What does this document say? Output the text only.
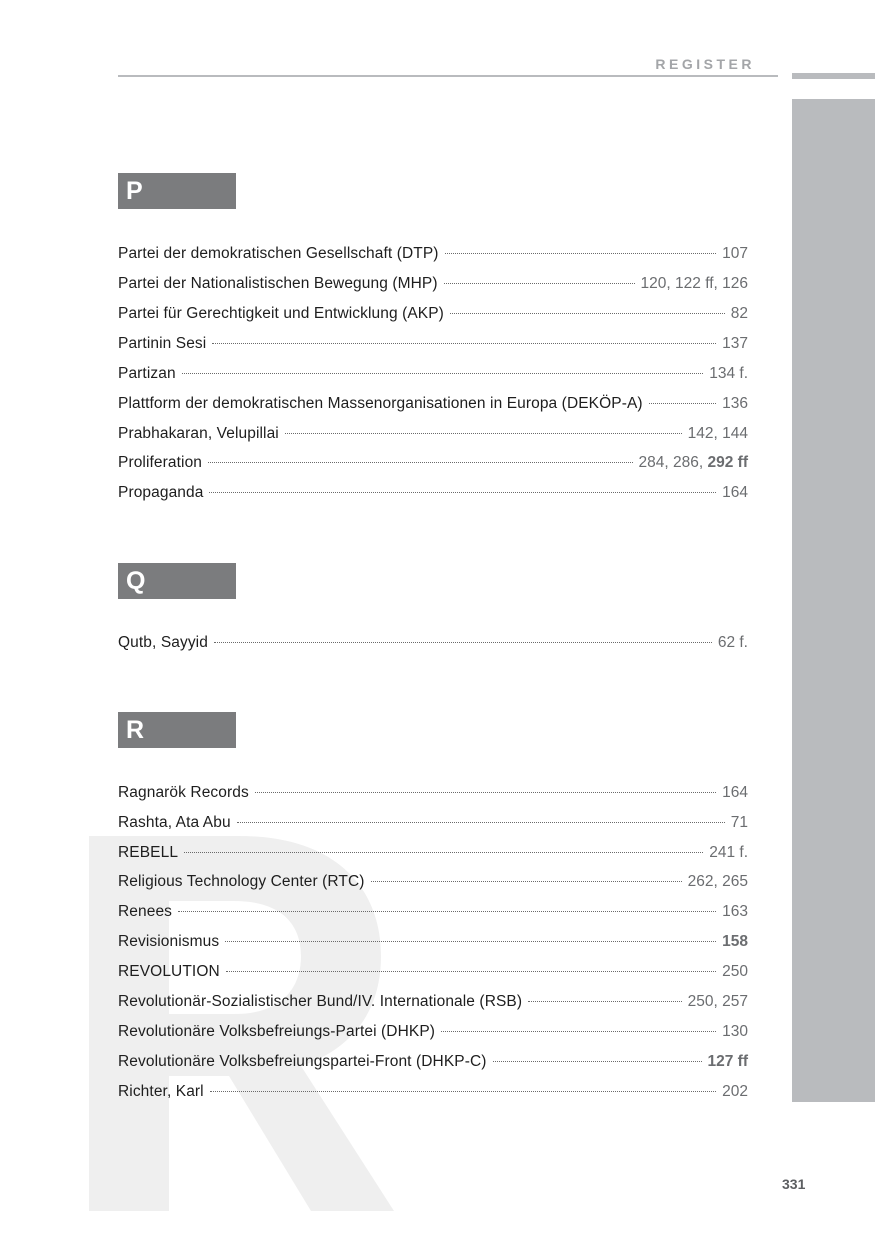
REGISTER
P
Partei der demokratischen Gesellschaft (DTP)	107
Partei der Nationalistischen Bewegung (MHP)	120, 122 ff, 126
Partei für Gerechtigkeit und Entwicklung (AKP)	82
Partinin Sesi	137
Partizan	134 f.
Plattform der demokratischen Massenorganisationen in Europa (DEKÖP-A)	136
Prabhakaran, Velupillai	142, 144
Proliferation	284, 286, 292 ff
Propaganda	164
Q
Qutb, Sayyid	62 f.
R
Ragnarök Records	164
Rashta, Ata Abu	71
REBELL	241 f.
Religious Technology Center (RTC)	262, 265
Renees	163
Revisionismus	158
REVOLUTION	250
Revolutionär-Sozialistischer Bund/IV. Internationale (RSB)	250, 257
Revolutionäre Volksbefreiungs-Partei (DHKP)	130
Revolutionäre Volksbefreiungspartei-Front (DHKP-C)	127 ff
Richter, Karl	202
331
